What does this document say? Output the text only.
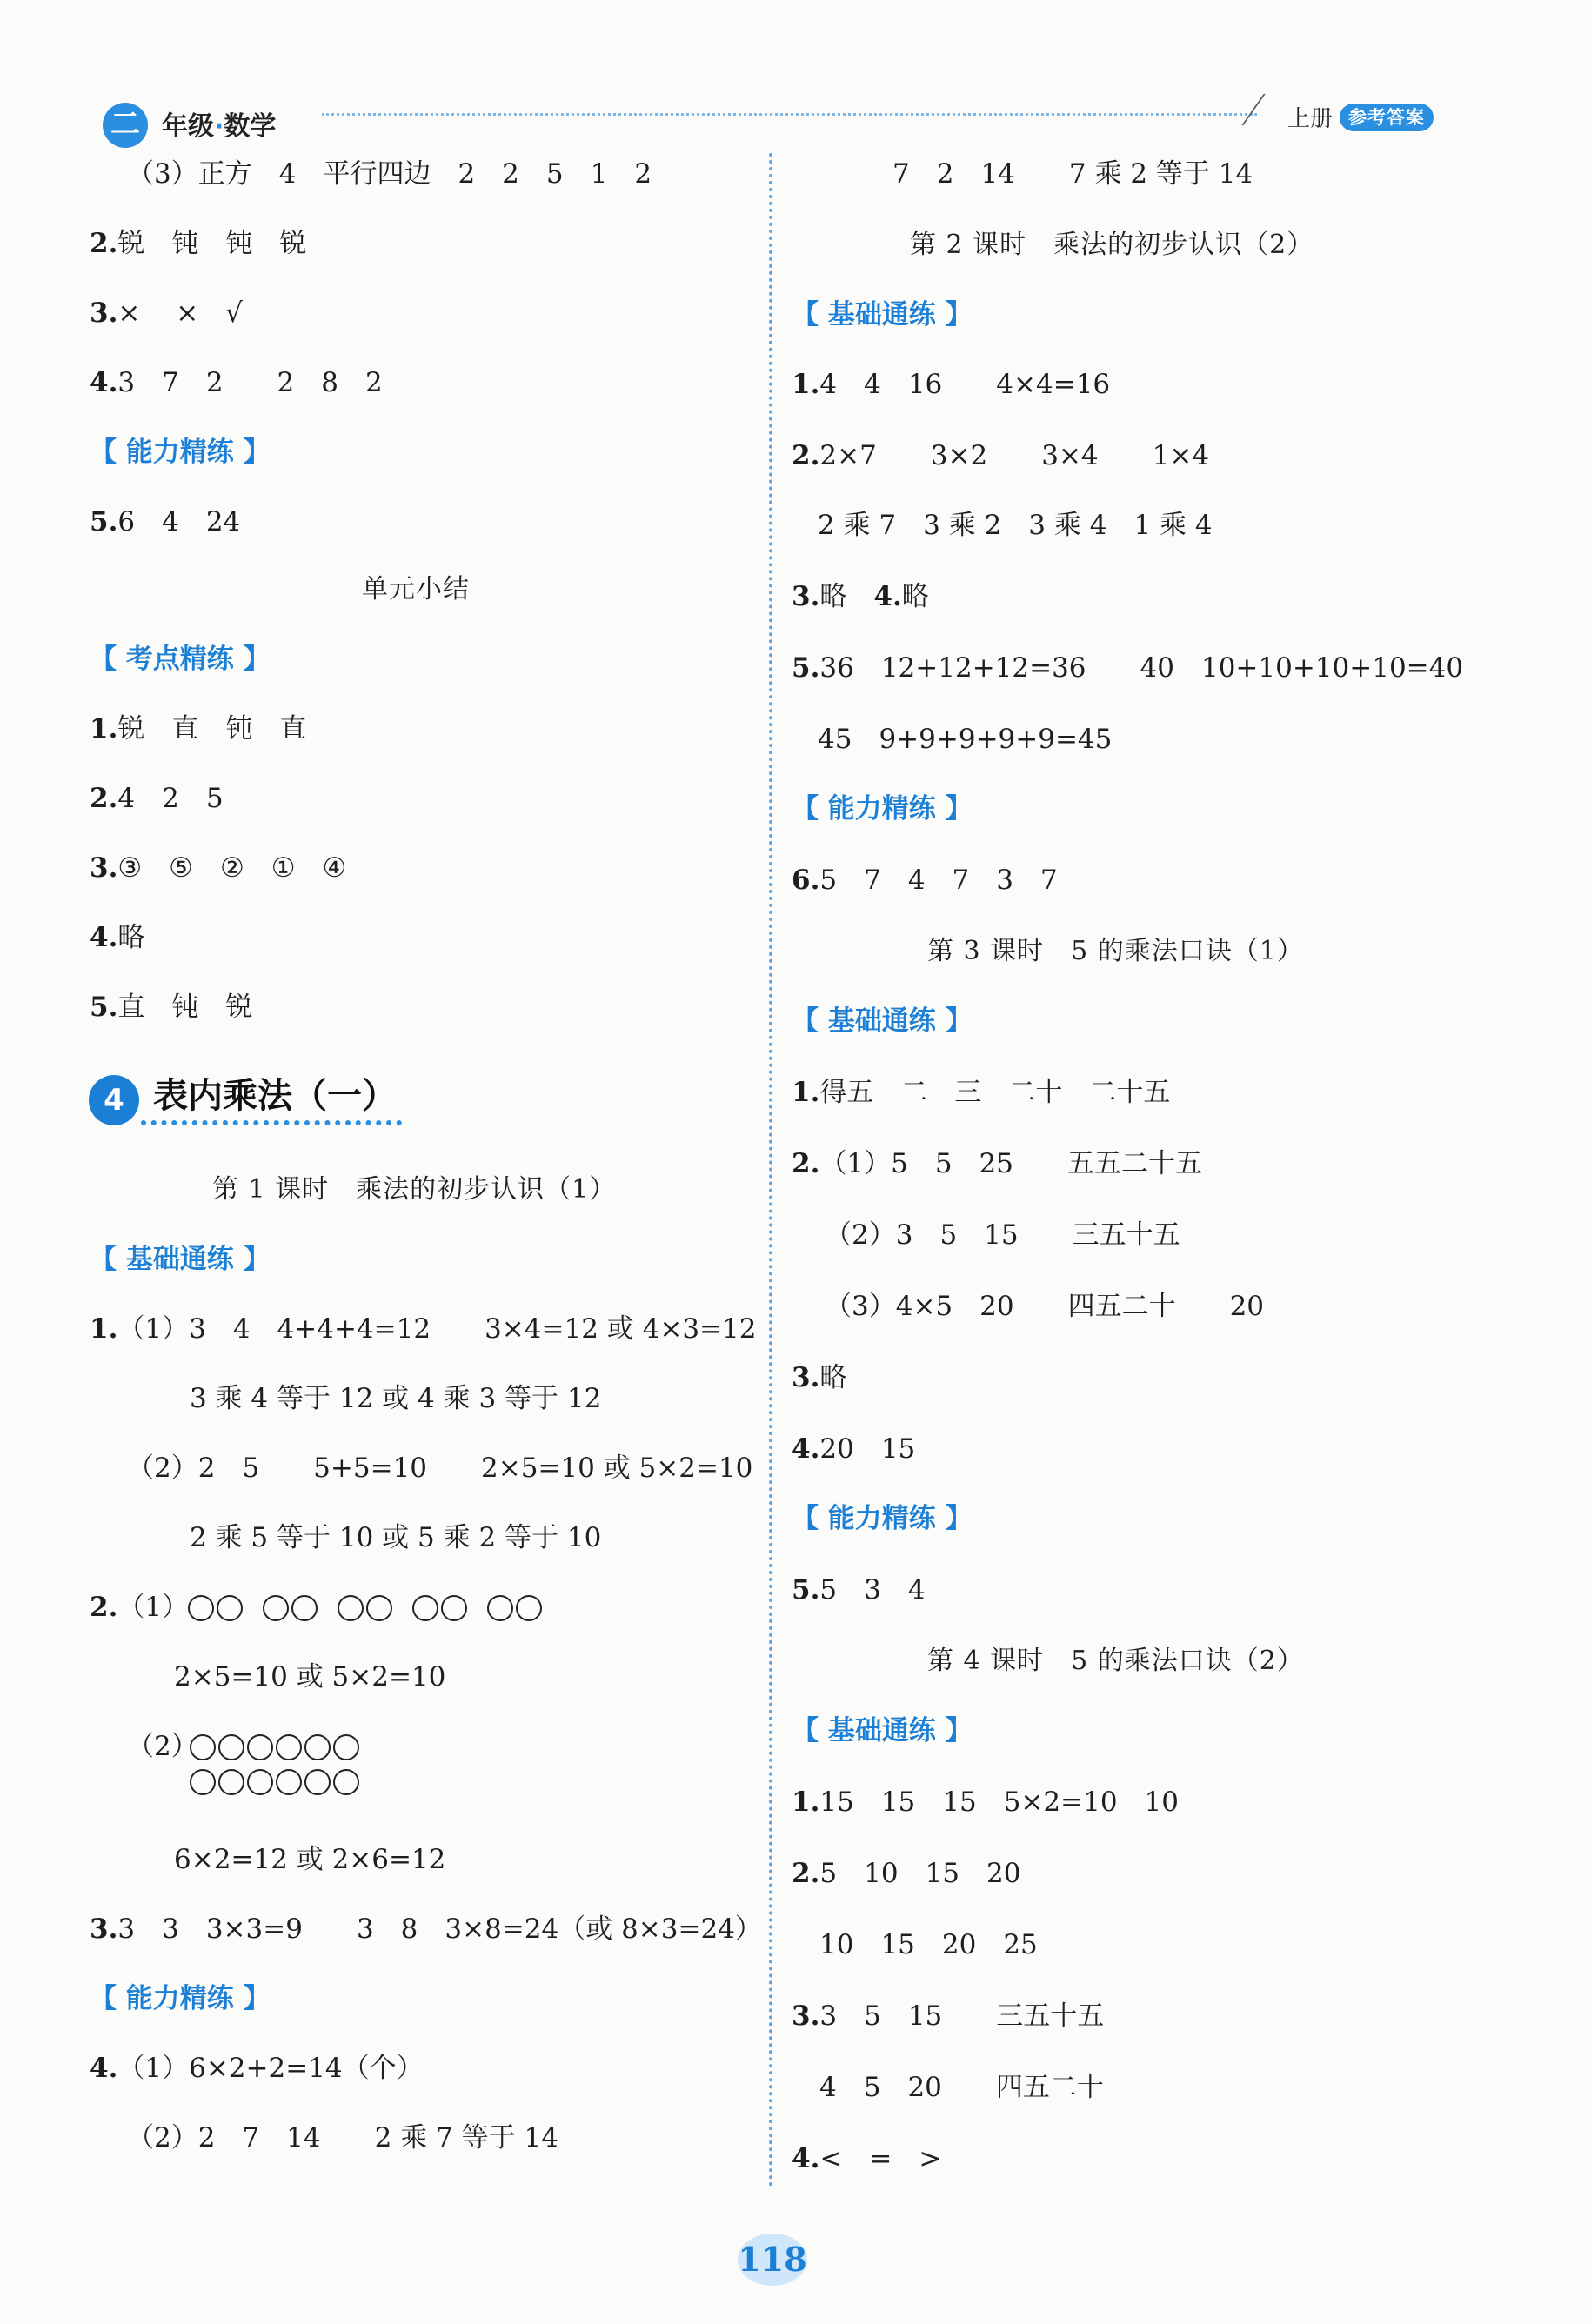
二 年级·数学	上册 参考答案
（3）正方　4　平行四边　2　2　5　1　2
2.锐　钝　钝　锐
3.×　 ×　√
4.3　7　2　　2　8　2
【 能力精练 】
5.6　4　24
单元小结
【 考点精练 】
1.锐　直　钝　直
2.4　2　5
3.③　⑤　②　①　④
4.略
5.直　钝　锐
4 表内乘法（一）
第 1 课时　乘法的初步认识（1）
【 基础通练 】
1.（1）3　4　4+4+4=12　　3×4=12 或 4×3=12
3 乘 4 等于 12 或 4 乘 3 等于 12
（2）2　5　　5+5=10　　2×5=10 或 5×2=10
2 乘 5 等于 10 或 5 乘 2 等于 10
2.（1）
2×5=10 或 5×2=10
（2）
6×2=12 或 2×6=12
3.3　3　3×3=9　　3　8　3×8=24（或 8×3=24）
【 能力精练 】
4.（1）6×2+2=14（个）
（2）2　7　14　　2 乘 7 等于 14
7　2　14　　7 乘 2 等于 14
第 2 课时　乘法的初步认识（2）
【 基础通练 】
1.4　4　16　　4×4=16
2.2×7　　3×2　　3×4　　1×4
2 乘 7　3 乘 2　3 乘 4　1 乘 4
3.略　4.略
5.36　12+12+12=36　　40　10+10+10+10=40
45　9+9+9+9+9=45
【 能力精练 】
6.5　7　4　7　3　7
第 3 课时　5 的乘法口诀（1）
【 基础通练 】
1.得五　二　三　二十　二十五
2.（1）5　5　25　　五五二十五
（2）3　5　15　　三五十五
（3）4×5　20　　四五二十　　20
3.略
4.20　15
【 能力精练 】
5.5　3　4
第 4 课时　5 的乘法口诀（2）
【 基础通练 】
1.15　15　15　5×2=10　10
2.5　10　15　20
10　15　20　25
3.3　5　15　　三五十五
4　5　20　　四五二十
4.<　=　>
118
